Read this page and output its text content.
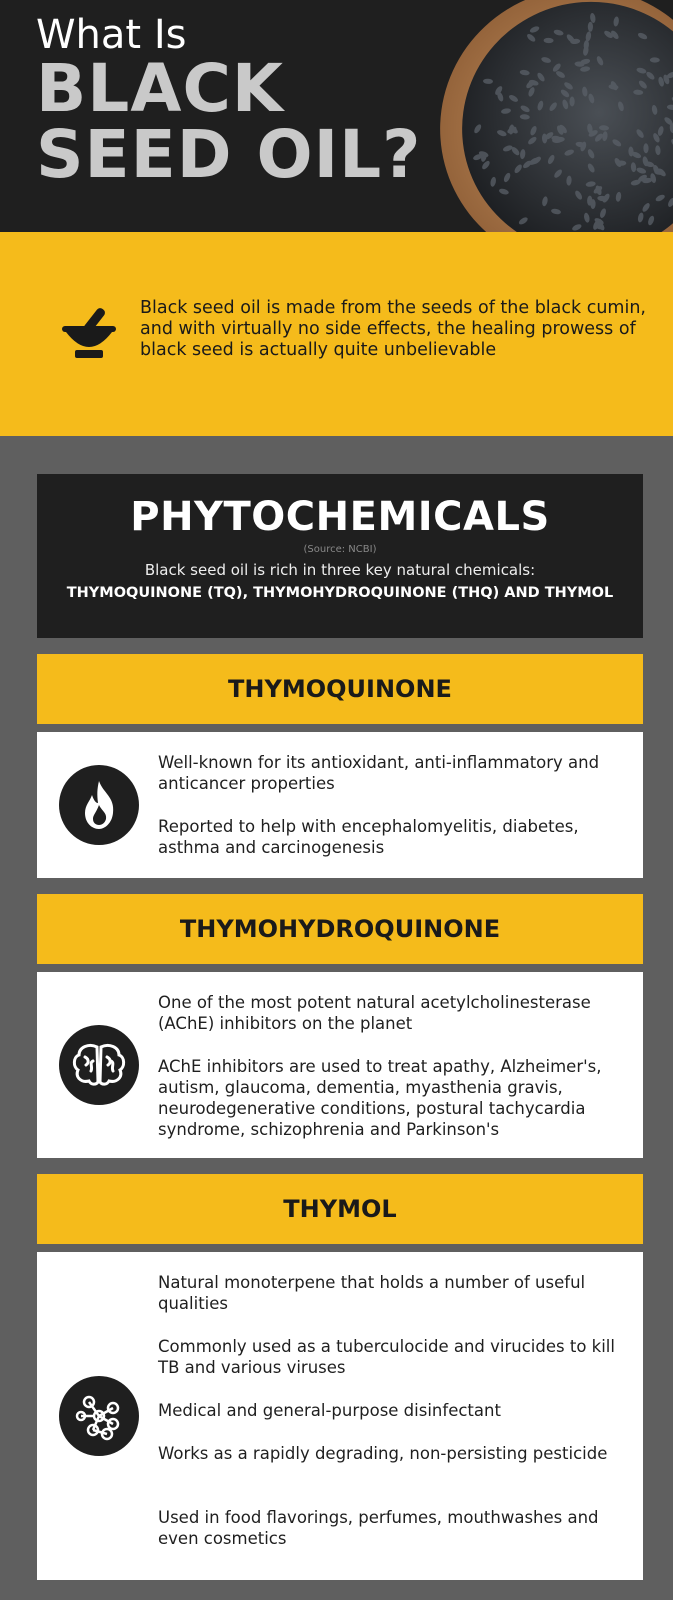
What Is
BLACK
SEED OIL?
Black seed oil is made from the seeds of the black cumin, and with virtually no side effects, the healing prowess of black seed is actually quite unbelievable
PHYTOCHEMICALS
(Source: NCBI)
Black seed oil is rich in three key natural chemicals:
THYMOQUINONE (TQ), THYMOHYDROQUINONE (THQ) AND THYMOL
THYMOQUINONE
Well-known for its antioxidant, anti-inflammatory and anticancer properties
Reported to help with encephalomyelitis, diabetes, asthma and carcinogenesis
THYMOHYDROQUINONE
One of the most potent natural acetylcholinesterase (AChE) inhibitors on the planet
AChE inhibitors are used to treat apathy, Alzheimer's, autism, glaucoma, dementia, myasthenia gravis, neurodegenerative conditions, postural tachycardia syndrome, schizophrenia and Parkinson's
THYMOL
Natural monoterpene that holds a number of useful qualities
Commonly used as a tuberculocide and virucides to kill TB and various viruses
Medical and general-purpose disinfectant
Works as a rapidly degrading, non-persisting pesticide
Used in food flavorings, perfumes, mouthwashes and even cosmetics
